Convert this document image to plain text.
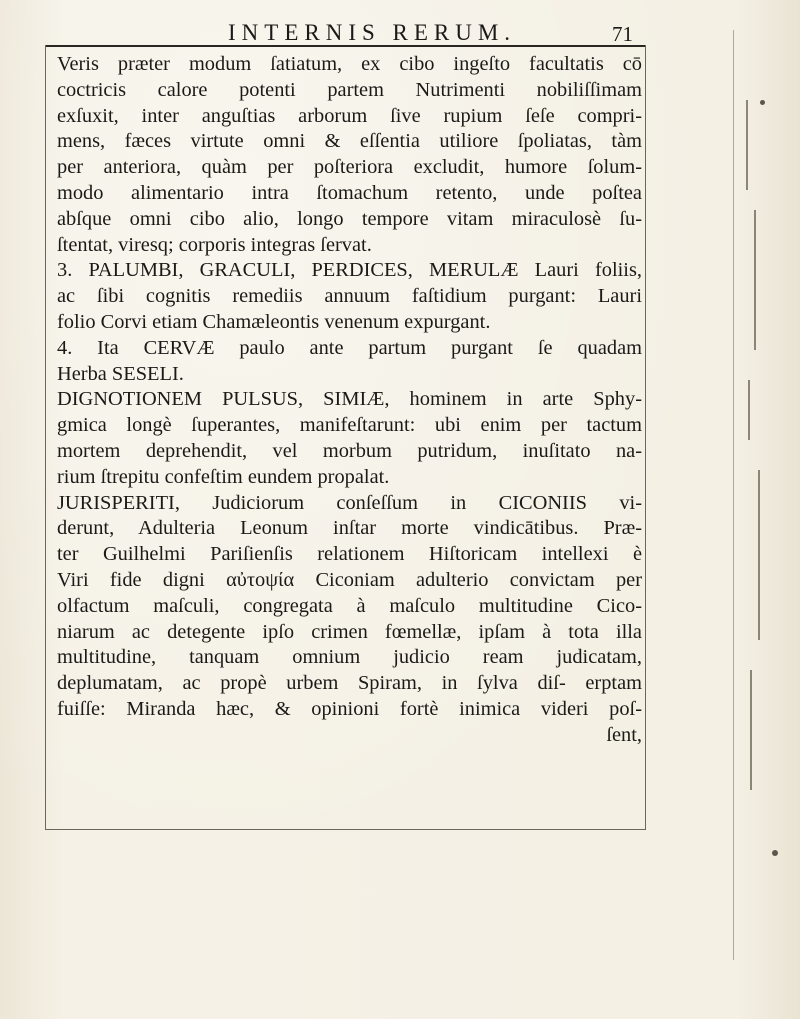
INTERNIS RERUM.	71
Veris præter modum ſatiatum, ex cibo ingeſto facultatis cō
coctricis calore potenti partem Nutrimenti nobiliſſimam
exſuxit, inter anguſtias arborum ſive rupium ſeſe compri-
mens, fæces virtute omni & eſſentia utiliore ſpoliatas, tàm
per anteriora, quàm per poſteriora excludit, humore ſolum-
modo alimentario intra ſtomachum retento, unde poſtea
abſque omni cibo alio, longo tempore vitam miraculosè ſu-
ſtentat, viresq; corporis integras ſervat.
3. PALUMBI, GRACULI, PERDICES, MERULÆ Lauri foliis,
ac ſibi cognitis remediis annuum faſtidium purgant: Lauri
folio Corvi etiam Chamæleontis venenum expurgant.
4. Ita CERVÆ paulo ante partum purgant ſe quadam
Herba SESELI.
DIGNOTIONEM PULSUS, SIMIÆ, hominem in arte Sphy-
gmica longè ſuperantes, manifeſtarunt: ubi enim per tactum
mortem deprehendit, vel morbum putridum, inuſitato na-
rium ſtrepitu confeſtim eundem propalat.
JURISPERITI, Judiciorum conſeſſum in CICONIIS vi-
derunt, Adulteria Leonum inſtar morte vindicātibus. Præ-
ter Guilhelmi Pariſienſis relationem Hiſtoricam intellexi è
Viri fide digni αὐτοψία Ciconiam adulterio convictam per
olfactum maſculi, congregata à maſculo multitudine Cico-
niarum ac detegente ipſo crimen fœmellæ, ipſam à tota illa
multitudine, tanquam omnium judicio ream judicatam,
deplumatam, ac propè urbem Spiram, in ſylva diſ- erptam
fuiſſe: Miranda hæc, & opinioni fortè inimica videri poſ-
ſent,
